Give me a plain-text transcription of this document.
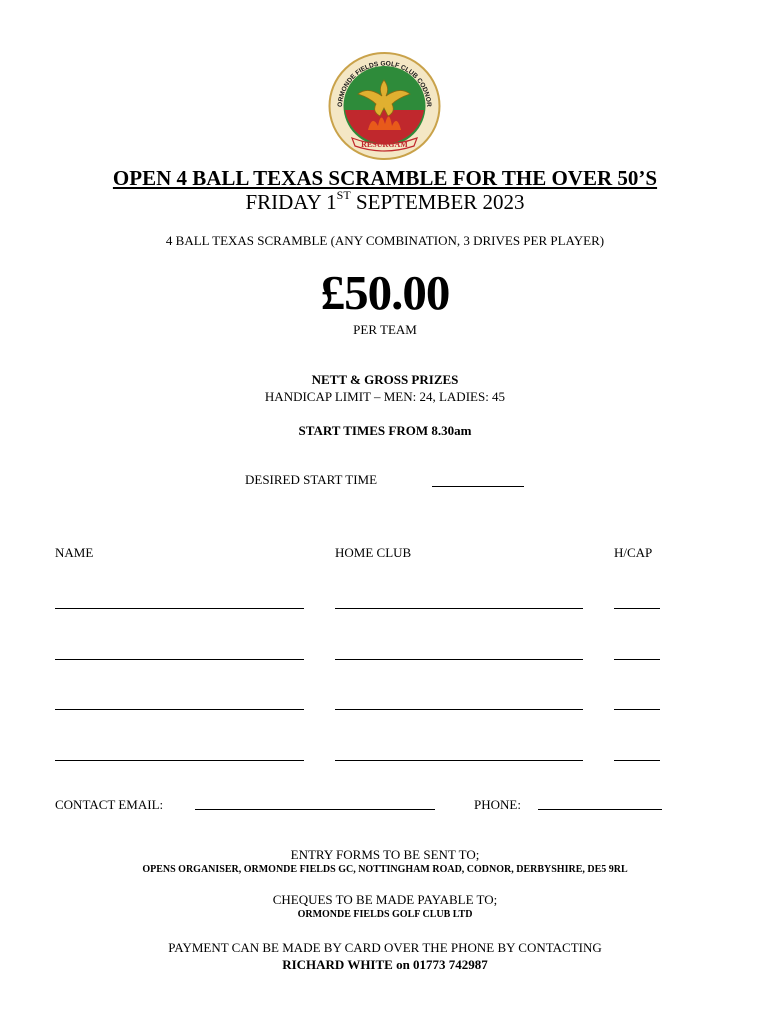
RESURGAM
ORMONDE FIELDS GOLF CLUB CODNOR
OPEN 4 BALL TEXAS SCRAMBLE FOR THE OVER 50’S
FRIDAY 1ST SEPTEMBER 2023
4 BALL TEXAS SCRAMBLE (ANY COMBINATION, 3 DRIVES PER PLAYER)
£50.00
PER TEAM
NETT & GROSS PRIZES
HANDICAP LIMIT – MEN: 24, LADIES: 45
START TIMES FROM 8.30am
DESIRED START TIME
NAME	HOME CLUB	H/CAP
CONTACT EMAIL:	PHONE:
ENTRY FORMS TO BE SENT TO;
OPENS ORGANISER, ORMONDE FIELDS GC, NOTTINGHAM ROAD, CODNOR, DERBYSHIRE, DE5 9RL
CHEQUES TO BE MADE PAYABLE TO;
ORMONDE FIELDS GOLF CLUB LTD
PAYMENT CAN BE MADE BY CARD OVER THE PHONE BY CONTACTING
RICHARD WHITE on 01773 742987
